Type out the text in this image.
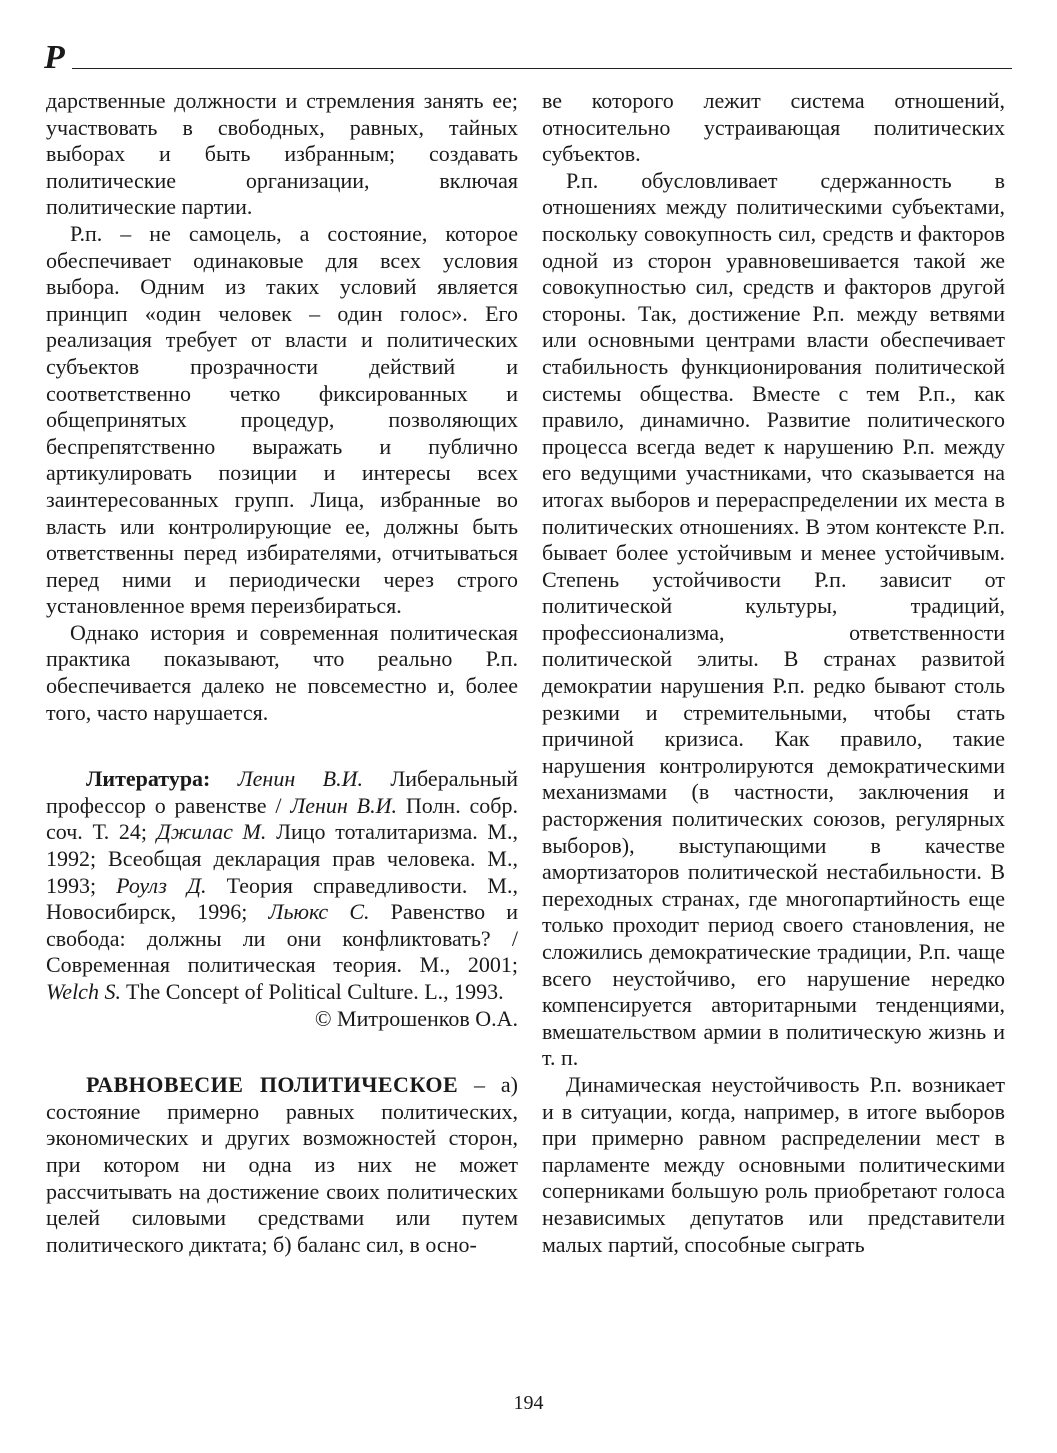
Р

дарственные должности и стремления занять ее; участвовать в свободных, равных, тайных выборах и быть избранным; создавать политические организации, включая политические партии.

Р.п. – не самоцель, а состояние, которое обеспечивает одинаковые для всех условия выбора. Одним из таких условий является принцип «один человек – один голос». Его реализация требует от власти и политических субъектов прозрачности действий и соответственно четко фиксированных и общепринятых процедур, позволяющих беспрепятственно выражать и публично артикулировать позиции и интересы всех заинтересованных групп. Лица, избранные во власть или контролирующие ее, должны быть ответственны перед избирателями, отчитываться перед ними и периодически через строго установленное время переизбираться.

Однако история и современная политическая практика показывают, что реально Р.п. обеспечивается далеко не повсеместно и, более того, часто нарушается.

Литература: Ленин В.И. Либеральный профессор о равенстве / Ленин В.И. Полн. собр. соч. Т. 24; Джилас М. Лицо тоталитаризма. М., 1992; Всеобщая декларация прав человека. М., 1993; Роулз Д. Теория справедливости. М., Новосибирск, 1996; Льюкс С. Равенство и свобода: должны ли они конфликтовать? / Современная политическая теория. М., 2001; Welch S. The Concept of Political Culture. L., 1993.

© Митрошенков О.А.

РАВНОВЕСИЕ ПОЛИТИЧЕСКОЕ – а) состояние примерно равных политических, экономических и других возможностей сторон, при котором ни одна из них не может рассчитывать на достижение своих политических целей силовыми средствами или путем политического диктата; б) баланс сил, в осно-

ве которого лежит система отношений, относительно устраивающая политических субъектов.

Р.п. обусловливает сдержанность в отношениях между политическими субъектами, поскольку совокупность сил, средств и факторов одной из сторон уравновешивается такой же совокупностью сил, средств и факторов другой стороны. Так, достижение Р.п. между ветвями или основными центрами власти обеспечивает стабильность функционирования политической системы общества. Вместе с тем Р.п., как правило, динамично. Развитие политического процесса всегда ведет к нарушению Р.п. между его ведущими участниками, что сказывается на итогах выборов и перераспределении их места в политических отношениях. В этом контексте Р.п. бывает более устойчивым и менее устойчивым. Степень устойчивости Р.п. зависит от политической культуры, традиций, профессионализма, ответственности политической элиты. В странах развитой демократии нарушения Р.п. редко бывают столь резкими и стремительными, чтобы стать причиной кризиса. Как правило, такие нарушения контролируются демократическими механизмами (в частности, заключения и расторжения политических союзов, регулярных выборов), выступающими в качестве амортизаторов политической нестабильности. В переходных странах, где многопартийность еще только проходит период своего становления, не сложились демократические традиции, Р.п. чаще всего неустойчиво, его нарушение нередко компенсируется авторитарными тенденциями, вмешательством армии в политическую жизнь и т. п.

Динамическая неустойчивость Р.п. возникает и в ситуации, когда, например, в итоге выборов при примерно равном распределении мест в парламенте между основными политическими соперниками большую роль приобретают голоса независимых депутатов или представители малых партий, способные сыграть

194
